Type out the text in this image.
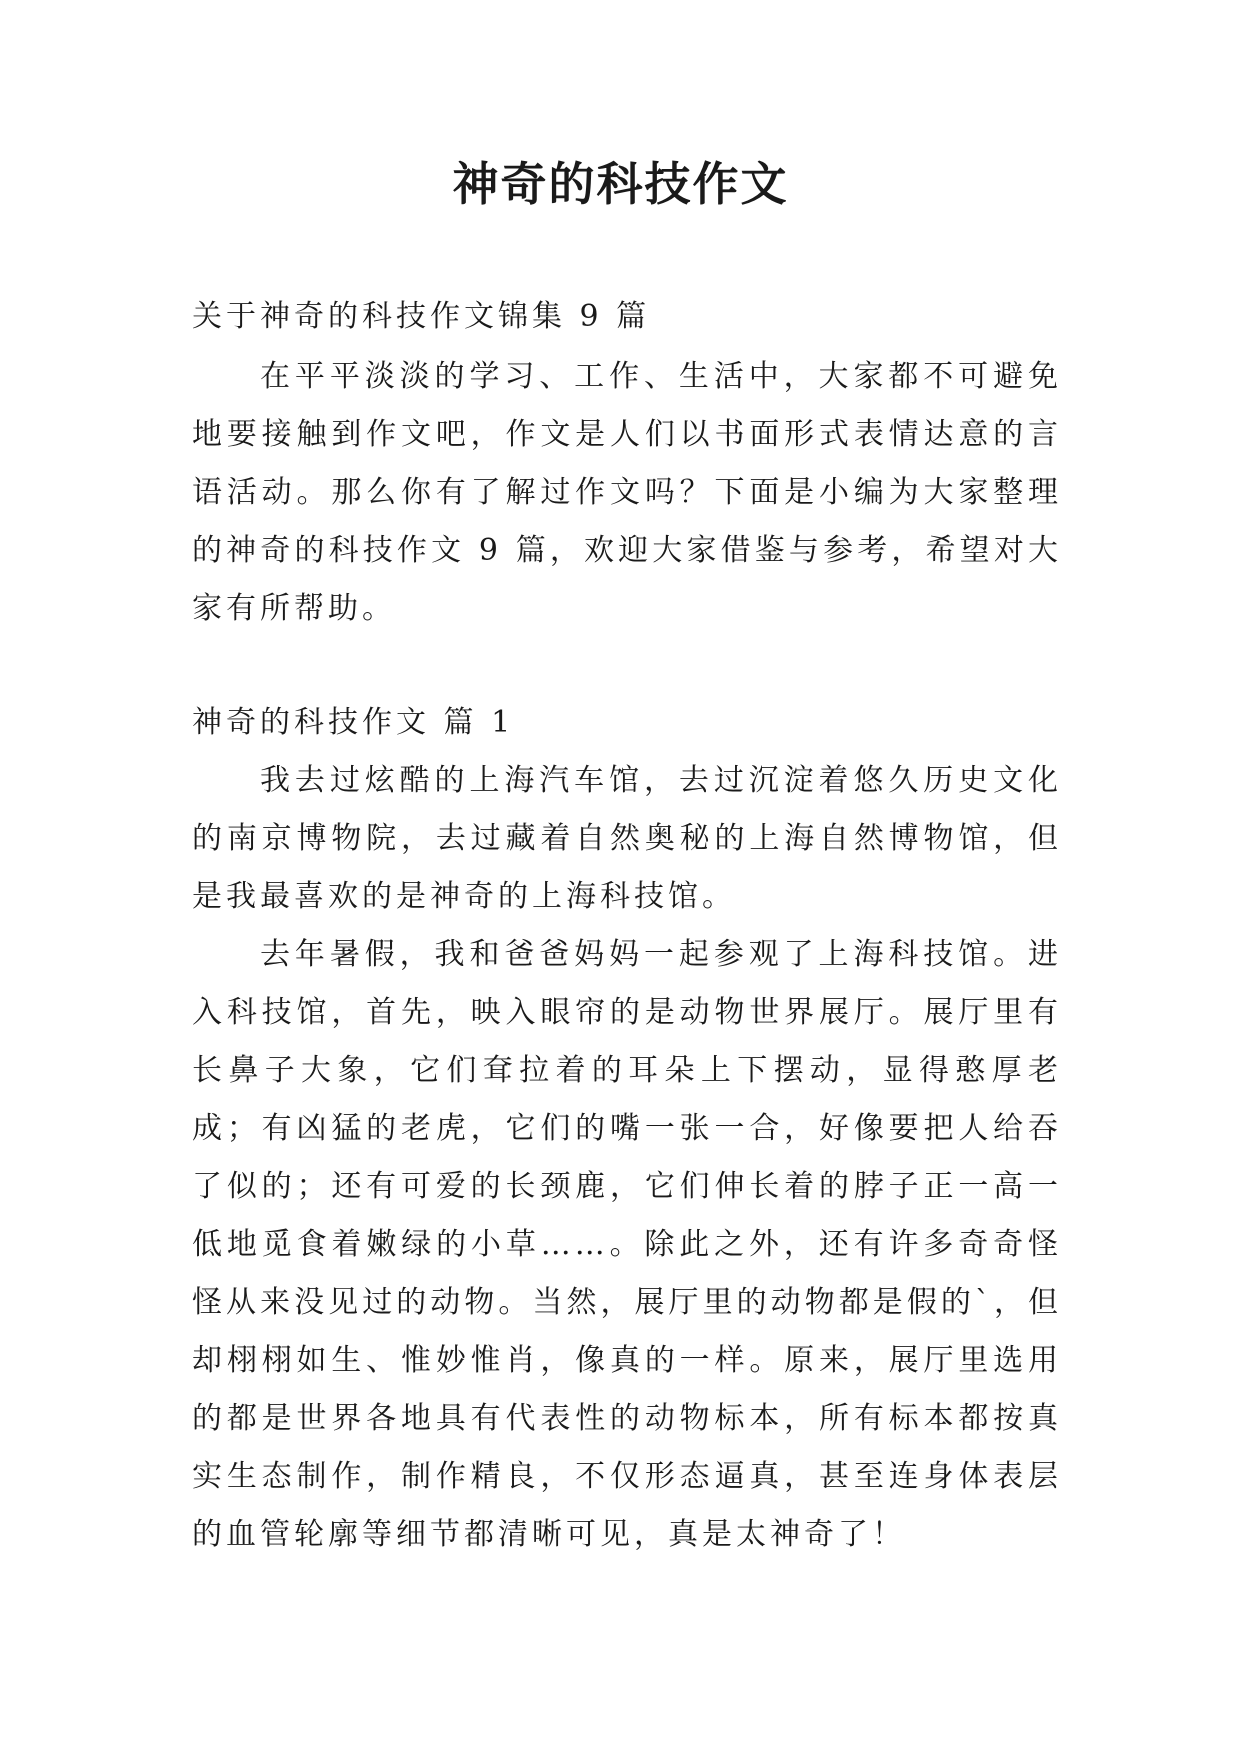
神奇的科技作文

关于神奇的科技作文锦集 9 篇

在平平淡淡的学习、工作、生活中，大家都不可避免地要接触到作文吧，作文是人们以书面形式表情达意的言语活动。那么你有了解过作文吗？下面是小编为大家整理的神奇的科技作文 9 篇，欢迎大家借鉴与参考，希望对大家有所帮助。

神奇的科技作文 篇 1

我去过炫酷的上海汽车馆，去过沉淀着悠久历史文化的南京博物院，去过藏着自然奥秘的上海自然博物馆，但是我最喜欢的是神奇的上海科技馆。

去年暑假，我和爸爸妈妈一起参观了上海科技馆。进入科技馆，首先，映入眼帘的是动物世界展厅。展厅里有长鼻子大象，它们耷拉着的耳朵上下摆动，显得憨厚老成；有凶猛的老虎，它们的嘴一张一合，好像要把人给吞了似的；还有可爱的长颈鹿，它们伸长着的脖子正一高一低地觅食着嫩绿的小草……。除此之外，还有许多奇奇怪怪从来没见过的动物。当然，展厅里的动物都是假的`，但却栩栩如生、惟妙惟肖，像真的一样。原来，展厅里选用的都是世界各地具有代表性的动物标本，所有标本都按真实生态制作，制作精良，不仅形态逼真，甚至连身体表层的血管轮廓等细节都清晰可见，真是太神奇了！
